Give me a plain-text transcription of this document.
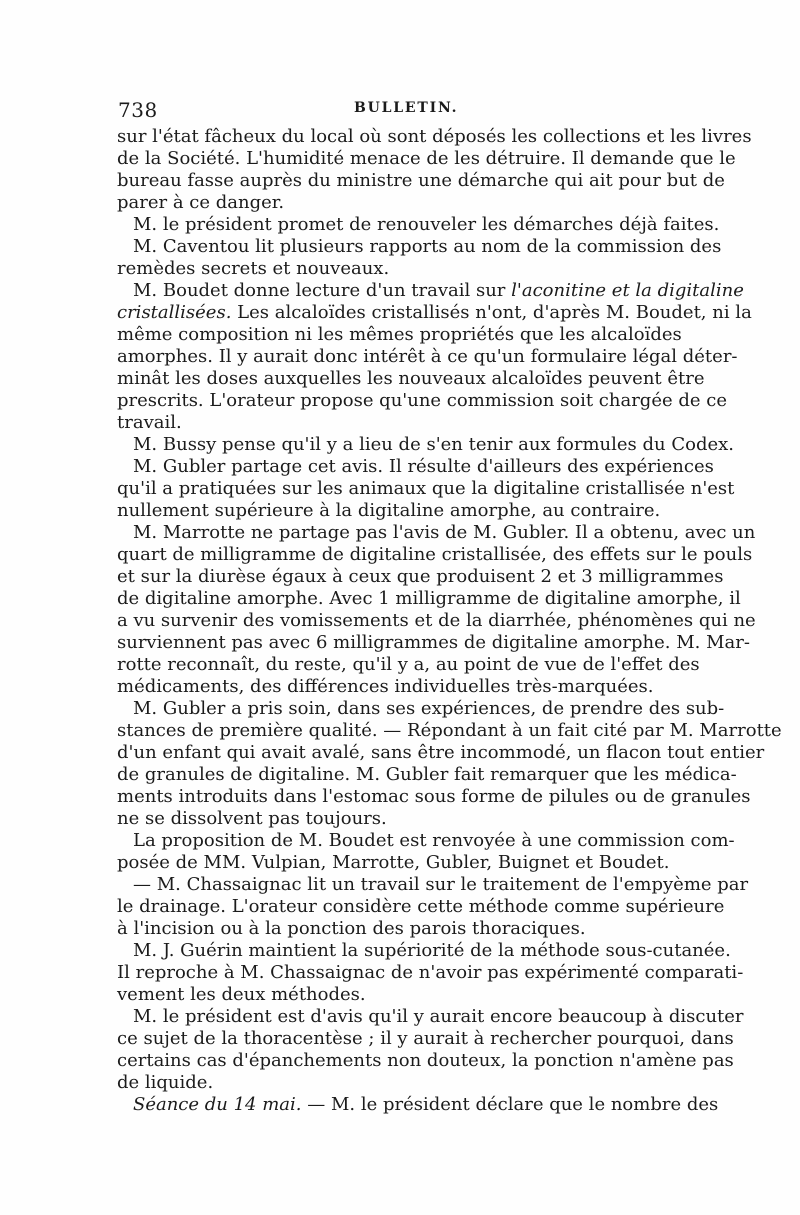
738	BULLETIN.
sur l'état fâcheux du local où sont déposés les collections et les livres
de la Société. L'humidité menace de les détruire. Il demande que le
bureau fasse auprès du ministre une démarche qui ait pour but de
parer à ce danger.
M. le président promet de renouveler les démarches déjà faites.
M. Caventou lit plusieurs rapports au nom de la commission des
remèdes secrets et nouveaux.
M. Boudet donne lecture d'un travail sur l'aconitine et la digitaline
cristallisées. Les alcaloïdes cristallisés n'ont, d'après M. Boudet, ni la
même composition ni les mêmes propriétés que les alcaloïdes
amorphes. Il y aurait donc intérêt à ce qu'un formulaire légal déter-
minât les doses auxquelles les nouveaux alcaloïdes peuvent être
prescrits. L'orateur propose qu'une commission soit chargée de ce
travail.
M. Bussy pense qu'il y a lieu de s'en tenir aux formules du Codex.
M. Gubler partage cet avis. Il résulte d'ailleurs des expériences
qu'il a pratiquées sur les animaux que la digitaline cristallisée n'est
nullement supérieure à la digitaline amorphe, au contraire.
M. Marrotte ne partage pas l'avis de M. Gubler. Il a obtenu, avec un
quart de milligramme de digitaline cristallisée, des effets sur le pouls
et sur la diurèse égaux à ceux que produisent 2 et 3 milligrammes
de digitaline amorphe. Avec 1 milligramme de digitaline amorphe, il
a vu survenir des vomissements et de la diarrhée, phénomènes qui ne
surviennent pas avec 6 milligrammes de digitaline amorphe. M. Mar-
rotte reconnaît, du reste, qu'il y a, au point de vue de l'effet des
médicaments, des différences individuelles très-marquées.
M. Gubler a pris soin, dans ses expériences, de prendre des sub-
stances de première qualité. — Répondant à un fait cité par M. Marrotte
d'un enfant qui avait avalé, sans être incommodé, un flacon tout entier
de granules de digitaline. M. Gubler fait remarquer que les médica-
ments introduits dans l'estomac sous forme de pilules ou de granules
ne se dissolvent pas toujours.
La proposition de M. Boudet est renvoyée à une commission com-
posée de MM. Vulpian, Marrotte, Gubler, Buignet et Boudet.
— M. Chassaignac lit un travail sur le traitement de l'empyème par
le drainage. L'orateur considère cette méthode comme supérieure
à l'incision ou à la ponction des parois thoraciques.
M. J. Guérin maintient la supériorité de la méthode sous-cutanée.
Il reproche à M. Chassaignac de n'avoir pas expérimenté comparati-
vement les deux méthodes.
M. le président est d'avis qu'il y aurait encore beaucoup à discuter
ce sujet de la thoracentèse ; il y aurait à rechercher pourquoi, dans
certains cas d'épanchements non douteux, la ponction n'amène pas
de liquide.
Séance du 14 mai. — M. le président déclare que le nombre des
